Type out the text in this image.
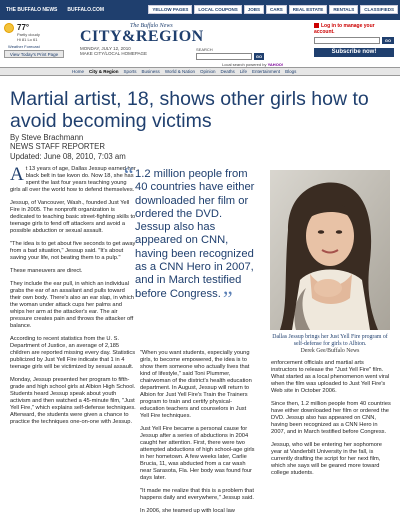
THE BUFFALO NEWS	BUFFALO.COM	YELLOW PAGES	LOCAL COUPONS	JOBS	CARS	REAL ESTATE	RENTALS	CLASSIFIEDS
77°
Partly cloudy
Hi 81 Lo 61
Weather Forecast
View Today's Print Page
The Buffalo News
CITY&REGION
MONDAY, JULY 12, 2010
MAKE CITY/LOCAL HOMEPAGE
SEARCH
GO
Local search powered by YAHOO!
Log in to manage your account.
GO
Subscribe now!
Home City & Region Sports Business World & Nation Opinion Deaths Life Entertainment Blogs
Martial artist, 18, shows other girls how to avoid becoming victims
By Steve Brachmann
NEWS STAFF REPORTER
Updated: June 08, 2010, 7:03 am

At 13 years of age, Dallas Jessup earned her black belt in tae kwon do. Now 18, she has spent the last four years teaching young girls all over the world how to defend themselves.

Jessup, of Vancouver, Wash., founded Just Yell Fire in 2005. The nonprofit organization is dedicated to teaching basic street-fighting skills to teenage girls to fend off attackers and avoid a possible abduction or sexual assault.

"The idea is to get about five seconds to get away from a bad situation," Jessup said. "It's about saving your life, not beating them to a pulp."

These maneuvers are direct.

They include the ear pull, in which an individual grabs the ear of an assailant and pulls toward their own body. There's also an ear slap, in which the woman under attack cups her palms and whips her arm at the attacker's ear. The air pressure creates pain and throws the attacker off balance.

According to recent statistics from the U. S. Department of Justice, an average of 2,185 children are reported missing every day. Statistics publicized by Just Yell Fire indicate that 1 in 4 teenage girls will be victimized by sexual assault.

Monday, Jessup presented her program to fifth-grade and high school girls at Albion High School. Students heard Jessup speak about youth activism and then watched a 45-minute film, "Just Yell Fire," which explains self-defense techniques. Afterward, the students were given a chance to practice the techniques one-on-one with Jessup.

“ 1.2 million people from 40 countries have either downloaded her film or ordered the DVD. Jessup also has appeared on CNN, having been recognized as a CNN Hero in 2007, and in March testified before Congress.”

"When you want students, especially young girls, to become empowered, the idea is to show them someone who actually lives that kind of lifestyle," said Toni Plummer, chairwoman of the district's health education department. In August, Jessup will return to Albion for Just Yell Fire's Train the Trainers program to train and certify physical-education teachers and counselors in Just Yell Fire techniques.

Just Yell Fire became a personal cause for Jessup after a series of abductions in 2004 caught her attention. First, there were two attempted abductions of high school-age girls in her hometown. A few weeks later, Carlie Brucia, 11, was abducted from a car wash near Sarasota, Fla. Her body was found four days later.

"It made me realize that this is a problem that happens daily and everywhere," Jessup said.

In 2006, she teamed up with local law

Dallas Jessup brings her Just Yell Fire program of self-defense for girls to Albion.
Derek Gee/Buffalo News

enforcement officials and martial arts instructors to release the "Just Yell Fire" film. What started as a local phenomenon went viral when the film was uploaded to Just Yell Fire's Web site in October 2006.

Since then, 1.2 million people from 40 countries have either downloaded her film or ordered the DVD. Jessup also has appeared on CNN, having been recognized as a CNN Hero in 2007, and in March testified before Congress.

Jessup, who will be entering her sophomore year at Vanderbilt University in the fall, is currently drafting the script for her next film, which she says will be geared more toward college students.
